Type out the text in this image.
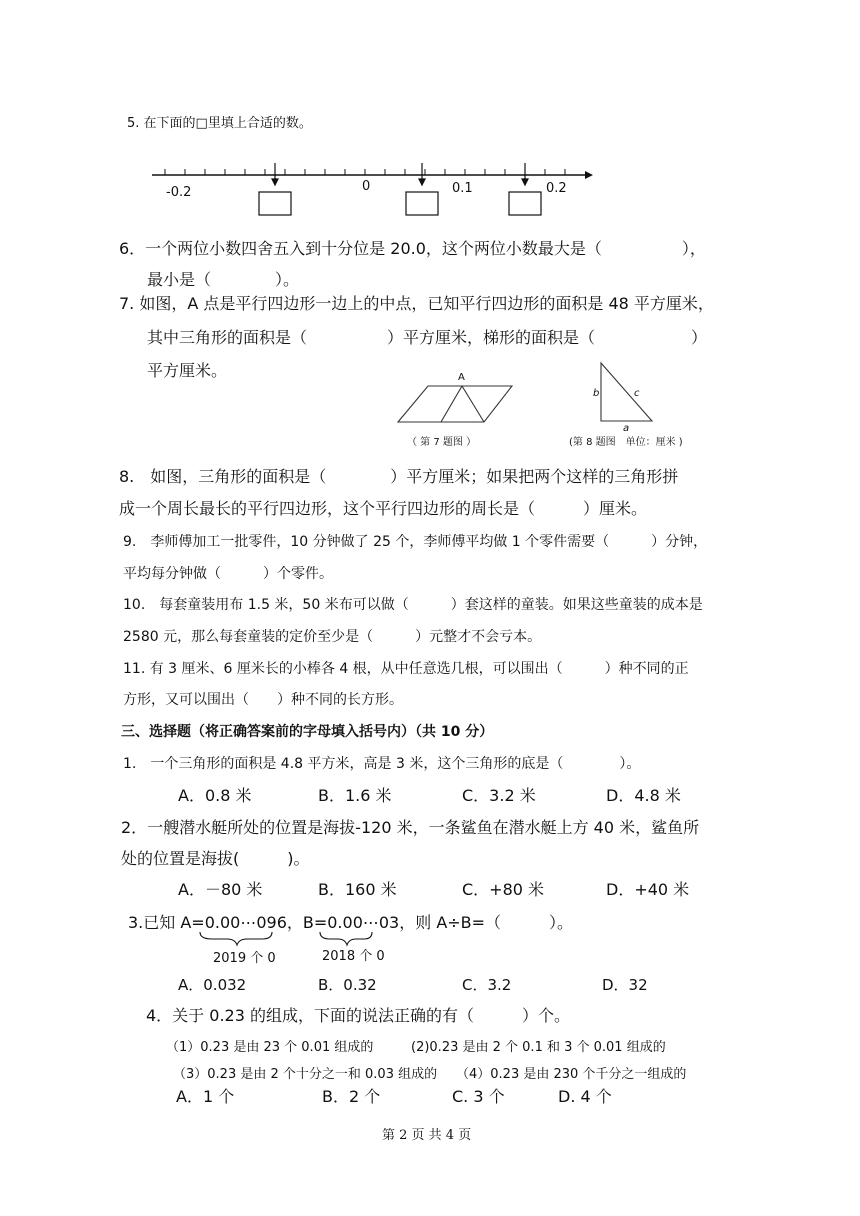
5. 在下面的□里填上合适的数。
-0.2	0	0.1	0.2
6．一个两位小数四舍五入到十分位是 20.0，这个两位小数最大是（　　　　　），
最小是（　　　　）。
7. 如图，A 点是平行四边形一边上的中点，已知平行四边形的面积是 48 平方厘米，
其中三角形的面积是（　　　　　）平方厘米，梯形的面积是（　　　　　　）
平方厘米。	A
（ 第 7 题图 ）
b	c
a
(第 8 题图　单位：厘米 )
8.　如图，三角形的面积是（　　　　）平方厘米；如果把两个这样的三角形拼
成一个周长最长的平行四边形，这个平行四边形的周长是（　　　）厘米。
9.　李师傅加工一批零件，10 分钟做了 25 个，李师傅平均做 1 个零件需要（　　　）分钟，
平均每分钟做（　　　）个零件。
10.　每套童装用布 1.5 米，50 米布可以做（　　　）套这样的童装。如果这些童装的成本是
2580 元，那么每套童装的定价至少是（　　　）元整才不会亏本。
11. 有 3 厘米、6 厘米长的小棒各 4 根，从中任意选几根，可以围出（　　　）种不同的正
方形，又可以围出（　　）种不同的长方形。
三、选择题（将正确答案前的字母填入括号内）（共 10 分）
1.　一个三角形的面积是 4.8 平方米，高是 3 米，这个三角形的底是（　　　　）。
A．0.8 米	B．1.6 米	C．3.2 米	D．4.8 米
2．一艘潜水艇所处的位置是海拔-120 米，一条鲨鱼在潜水艇上方 40 米，鲨鱼所
处的位置是海拔(　　　)。
A．－80 米	B．160 米	C．+80 米	D．+40 米
3.已知 A=0.00⋯096，B=0.00⋯03，则 A÷B=（　　　）。
2019 个 0	2018 个 0
A．0.032	B．0.32	C．3.2	D．32
4．关于 0.23 的组成，下面的说法正确的有（　　　）个。
（1）0.23 是由 23 个 0.01 组成的	(2)0.23 是由 2 个 0.1 和 3 个 0.01 组成的
（3）0.23 是由 2 个十分之一和 0.03 组成的 （4）0.23 是由 230 个千分之一组成的
A．1 个	B．2 个	C. 3 个	D. 4 个
第 2 页 共 4 页
